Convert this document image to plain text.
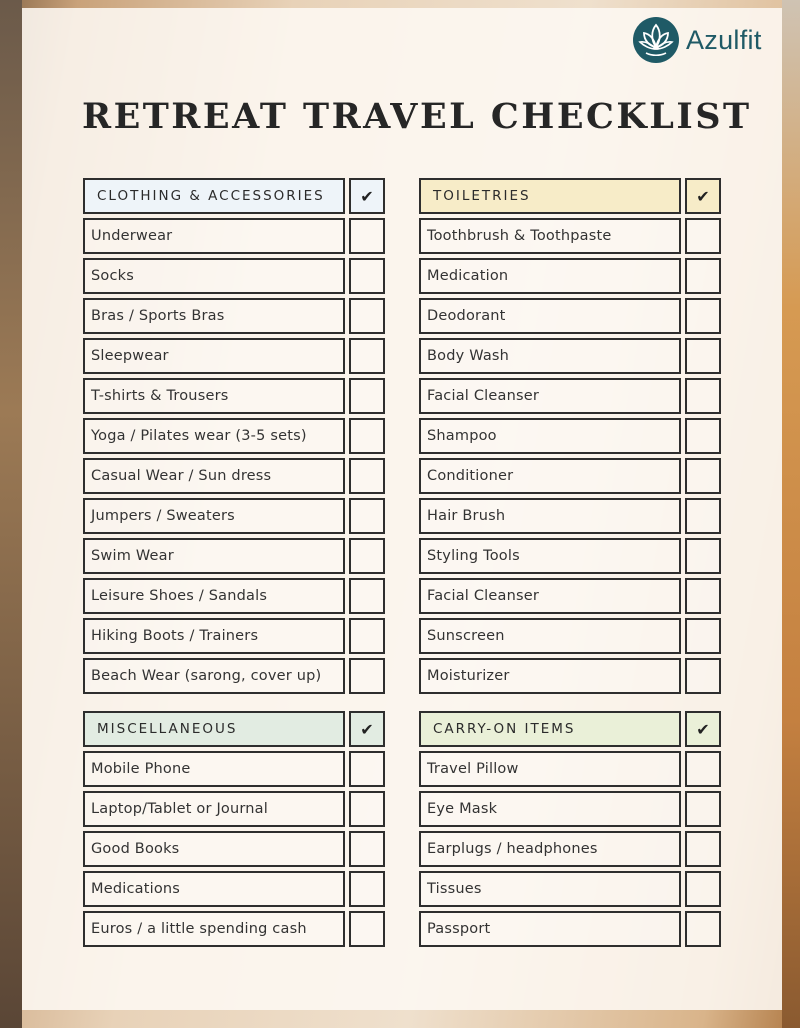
Azulfit
RETREAT TRAVEL CHECKLIST
CLOTHING & ACCESSORIES	✔
Underwear
Socks
Bras / Sports Bras
Sleepwear
T-shirts & Trousers
Yoga / Pilates wear (3-5 sets)
Casual Wear / Sun dress
Jumpers / Sweaters
Swim Wear
Leisure Shoes / Sandals
Hiking Boots / Trainers
Beach Wear (sarong, cover up)
TOILETRIES	✔
Toothbrush & Toothpaste
Medication
Deodorant
Body Wash
Facial Cleanser
Shampoo
Conditioner
Hair Brush
Styling Tools
Facial Cleanser
Sunscreen
Moisturizer
MISCELLANEOUS	✔
Mobile Phone
Laptop/Tablet or Journal
Good Books
Medications
Euros / a little spending cash
CARRY-ON ITEMS	✔
Travel Pillow
Eye Mask
Earplugs / headphones
Tissues
Passport
